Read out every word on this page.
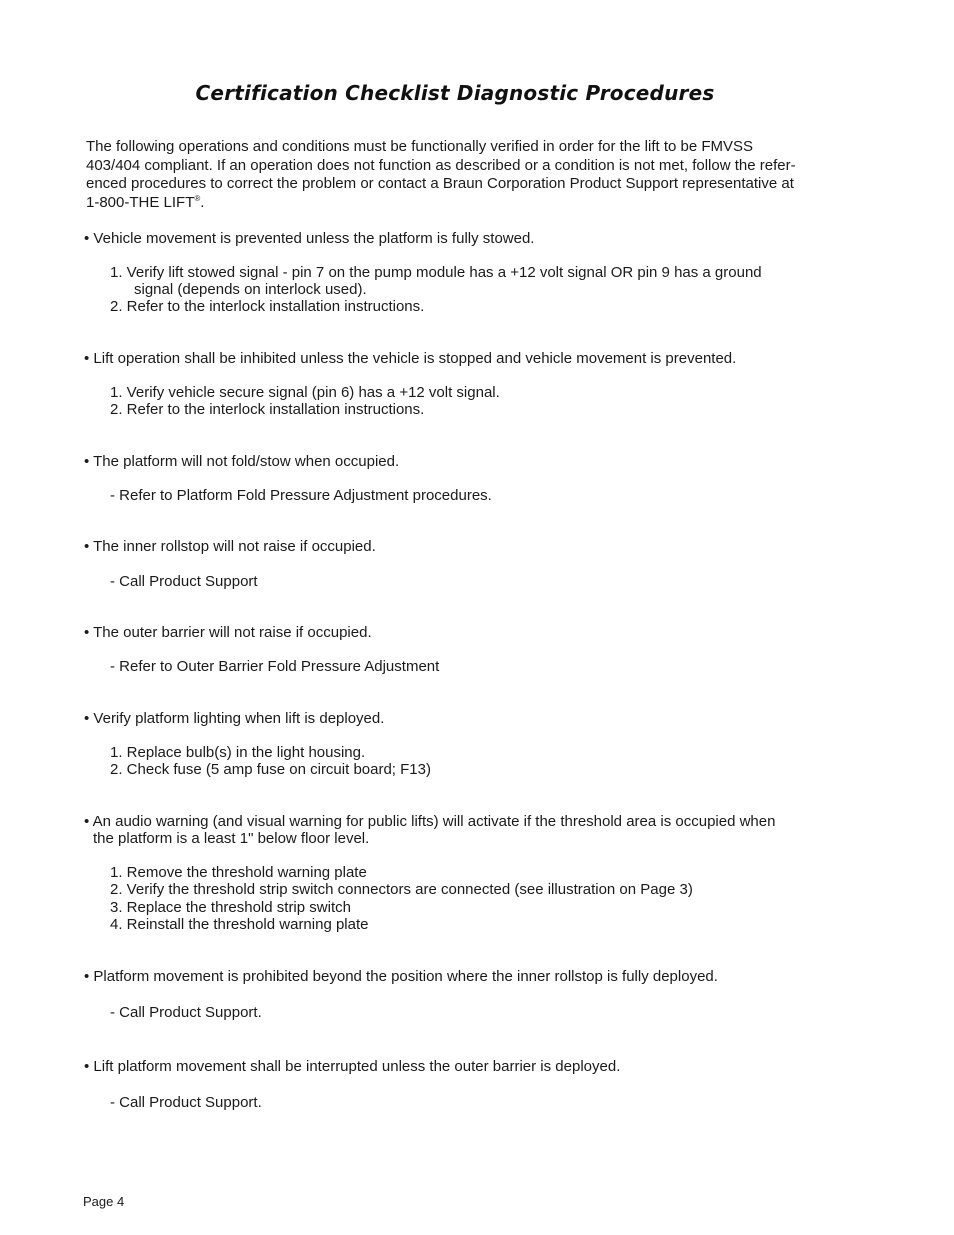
Certification Checklist Diagnostic Procedures
The following operations and conditions must be functionally verified in order for the lift to be FMVSS
403/404 compliant. If an operation does not function as described or a condition is not met, follow the refer-
enced procedures to correct the problem or contact a Braun Corporation Product Support representative at
1-800-THE LIFT®.
• Vehicle movement is prevented unless the platform is fully stowed.
1. Verify lift stowed signal - pin 7 on the pump module has a +12 volt signal OR pin 9 has a ground
signal (depends on interlock used).
2. Refer to the interlock installation instructions.
• Lift operation shall be inhibited unless the vehicle is stopped and vehicle movement is prevented.
1. Verify vehicle secure signal (pin 6) has a +12 volt signal.
2. Refer to the interlock installation instructions.
• The platform will not fold/stow when occupied.
- Refer to Platform Fold Pressure Adjustment procedures.
• The inner rollstop will not raise if occupied.
- Call Product Support
• The outer barrier will not raise if occupied.
- Refer to Outer Barrier Fold Pressure Adjustment
• Verify platform lighting when lift is deployed.
1. Replace bulb(s) in the light housing.
2. Check fuse (5 amp fuse on circuit board; F13)
• An audio warning (and visual warning for public lifts) will activate if the threshold area is occupied when
the platform is a least 1" below floor level.
1. Remove the threshold warning plate
2. Verify the threshold strip switch connectors are connected (see illustration on Page 3)
3. Replace the threshold strip switch
4. Reinstall the threshold warning plate
• Platform movement is prohibited beyond the position where the inner rollstop is fully deployed.
- Call Product Support.
• Lift platform movement shall be interrupted unless the outer barrier is deployed.
- Call Product Support.
Page 4
